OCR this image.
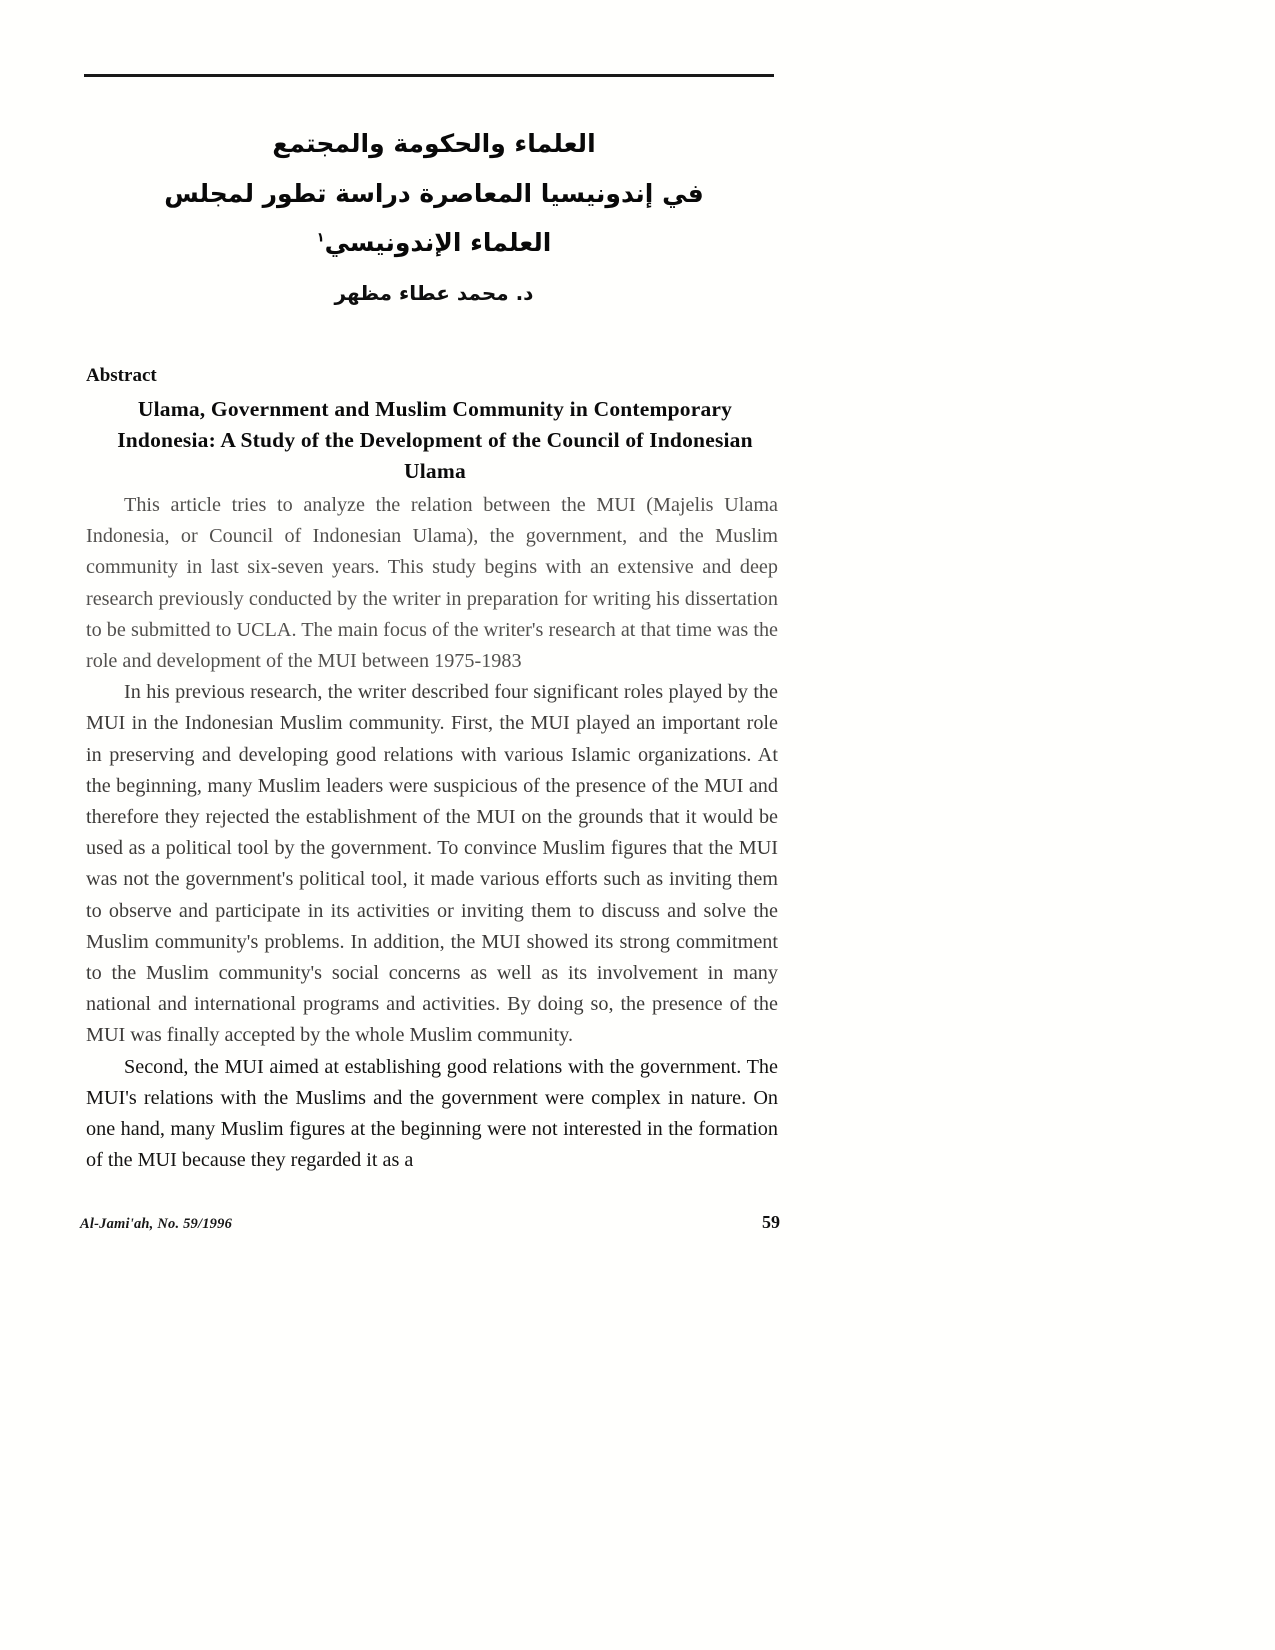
العلماء والحكومة والمجتمع
في إندونيسيا المعاصرة دراسة تطور لمجلس
العلماء الإندونيسي$^١$
د. محمد عطاء مظهر
Abstract
Ulama, Government and Muslim Community in Contemporary Indonesia: A Study of the Development of the Council of Indonesian Ulama

This article tries to analyze the relation between the MUI (Majelis Ulama Indonesia, or Council of Indonesian Ulama), the government, and the Muslim community in last six-seven years. This study begins with an extensive and deep research previously conducted by the writer in preparation for writing his dissertation to be submitted to UCLA. The main focus of the writer's research at that time was the role and development of the MUI between 1975-1983

In his previous research, the writer described four significant roles played by the MUI in the Indonesian Muslim community. First, the MUI played an important role in preserving and developing good relations with various Islamic organizations. At the beginning, many Muslim leaders were suspicious of the presence of the MUI and therefore they rejected the establishment of the MUI on the grounds that it would be used as a political tool by the government. To convince Muslim figures that the MUI was not the government's political tool, it made various efforts such as inviting them to observe and participate in its activities or inviting them to discuss and solve the Muslim community's problems. In addition, the MUI showed its strong commitment to the Muslim community's social concerns as well as its involvement in many national and international programs and activities. By doing so, the presence of the MUI was finally accepted by the whole Muslim community.

Second, the MUI aimed at establishing good relations with the government. The MUI's relations with the Muslims and the government were complex in nature. On one hand, many Muslim figures at the beginning were not interested in the formation of the MUI because they regarded it as a

Al-Jami'ah, No. 59/1996	59
